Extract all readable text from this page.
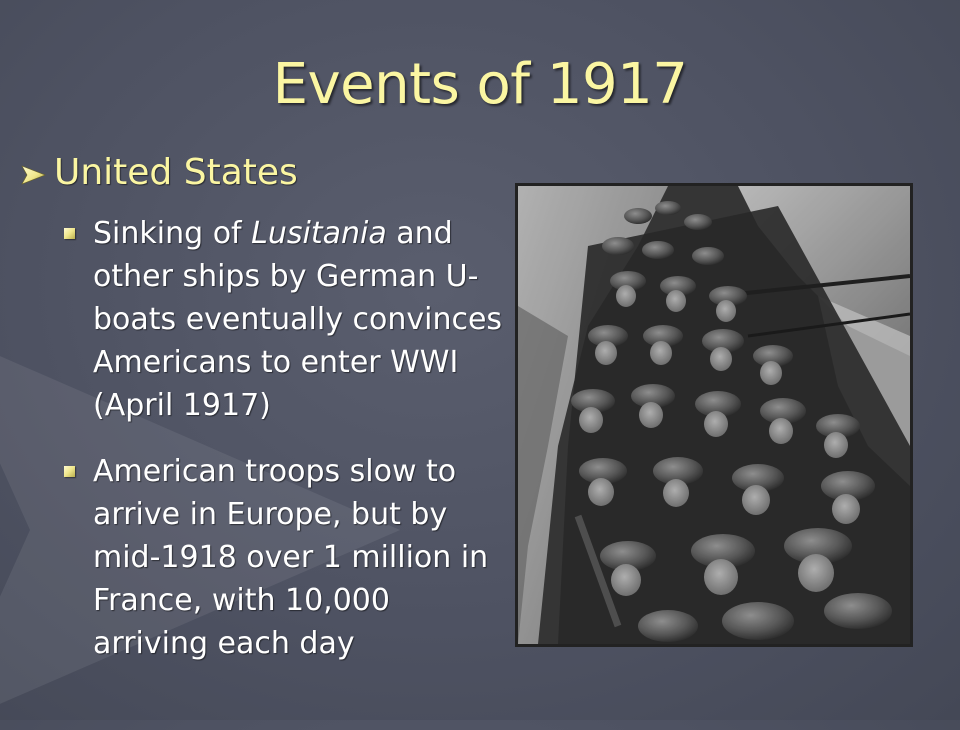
Events of 1917
United States
Sinking of Lusitania and other ships by German U-boats eventually convinces Americans to enter WWI (April 1917)
American troops slow to arrive in Europe, but by mid-1918 over 1 million in France, with 10,000 arriving each day
